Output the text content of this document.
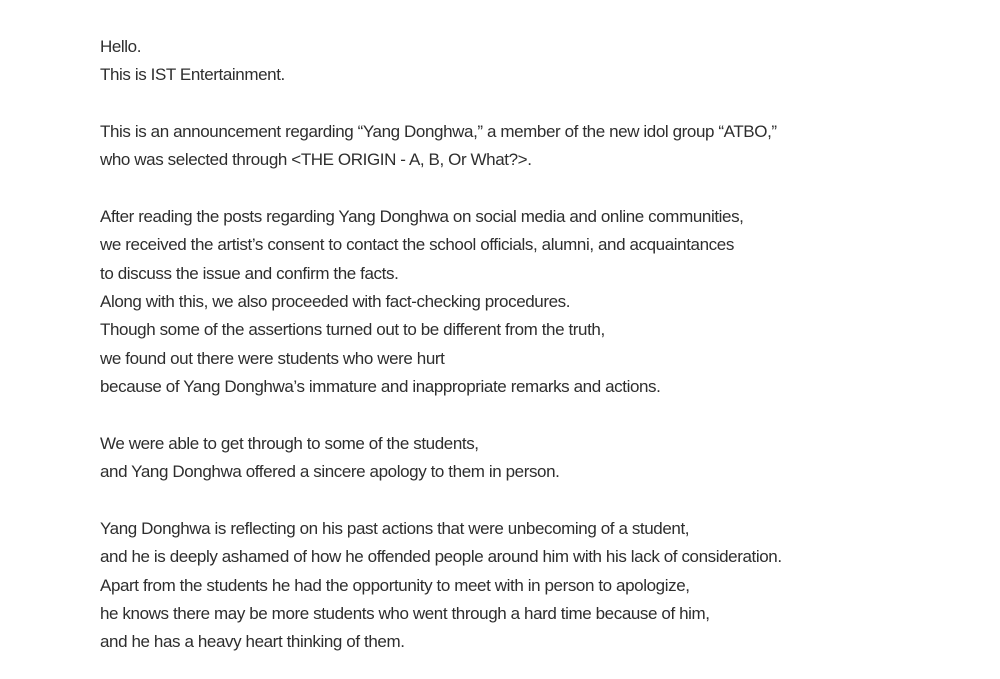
Hello.
This is IST Entertainment.
This is an announcement regarding “Yang Donghwa,” a member of the new idol group “ATBO,”
who was selected through <THE ORIGIN - A, B, Or What?>.
After reading the posts regarding Yang Donghwa on social media and online communities,
we received the artist’s consent to contact the school officials, alumni, and acquaintances
to discuss the issue and confirm the facts.
Along with this, we also proceeded with fact-checking procedures.
Though some of the assertions turned out to be different from the truth,
we found out there were students who were hurt
because of Yang Donghwa’s immature and inappropriate remarks and actions.
We were able to get through to some of the students,
and Yang Donghwa offered a sincere apology to them in person.
Yang Donghwa is reflecting on his past actions that were unbecoming of a student,
and he is deeply ashamed of how he offended people around him with his lack of consideration.
Apart from the students he had the opportunity to meet with in person to apologize,
he knows there may be more students who went through a hard time because of him,
and he has a heavy heart thinking of them.
